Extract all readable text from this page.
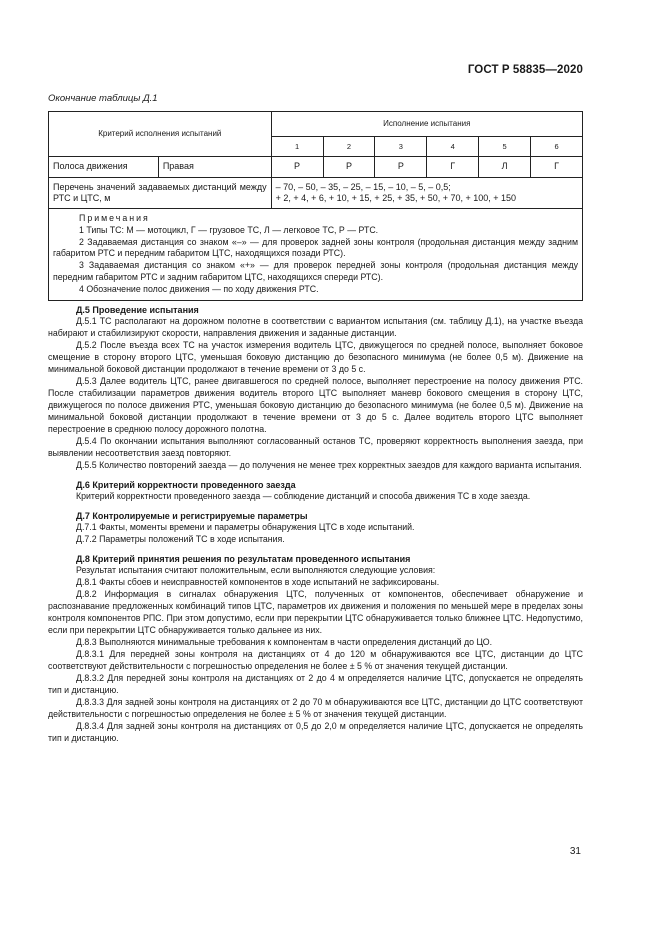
ГОСТ Р 58835—2020
Окончание таблицы Д.1
Критерий исполнения испытаний		Исполнение испытания					
		1	2	3	4	5	6
Полоса движения	Правая	Р	Р	Р	Г	Л	Г
Перечень значений задаваемых дистанций между РТС и ЦТС, м		– 70, – 50, – 35, – 25, – 15, – 10, – 5, – 0,5;
+ 2, + 4, + 6, + 10, + 15, + 25, + 35, + 50, + 70, + 100, + 150					

Примечания

1 Типы ТС: М — мотоцикл, Г — грузовое ТС, Л — легковое ТС, Р — РТС.

2 Задаваемая дистанция со знаком «–» — для проверок задней зоны контроля (продольная дистанция между задним габаритом РТС и передним габаритом ЦТС, находящихся позади РТС).

3 Задаваемая дистанция со знаком «+» — для проверок передней зоны контроля (продольная дистанция между передним габаритом РТС и задним габаритом ЦТС, находящихся спереди РТС).

4 Обозначение полос движения — по ходу движения РТС.							

Д.5 Проведение испытания

Д.5.1 ТС располагают на дорожном полотне в соответствии с вариантом испытания (см. таблицу Д.1), на участке въезда набирают и стабилизируют скорости, направления движения и заданные дистанции.

Д.5.2 После въезда всех ТС на участок измерения водитель ЦТС, движущегося по средней полосе, выполняет боковое смещение в сторону второго ЦТС, уменьшая боковую дистанцию до безопасного минимума (не более 0,5 м). Движение на минимальной боковой дистанции продолжают в течение времени от 3 до 5 с.

Д.5.3 Далее водитель ЦТС, ранее двигавшегося по средней полосе, выполняет перестроение на полосу движения РТС. После стабилизации параметров движения водитель второго ЦТС выполняет маневр бокового смещения в сторону ЦТС, движущегося по полосе движения РТС, уменьшая боковую дистанцию до безопасного минимума (не более 0,5 м). Движение на минимальной боковой дистанции продолжают в течение времени от 3 до 5 с. Далее водитель второго ЦТС выполняет перестроение в среднюю полосу дорожного полотна.

Д.5.4 По окончании испытания выполняют согласованный останов ТС, проверяют корректность выполнения заезда, при выявлении несоответствия заезд повторяют.

Д.5.5 Количество повторений заезда — до получения не менее трех корректных заездов для каждого варианта испытания.

Д.6 Критерий корректности проведенного заезда

Критерий корректности проведенного заезда — соблюдение дистанций и способа движения ТС в ходе заезда.

Д.7 Контролируемые и регистрируемые параметры

Д.7.1 Факты, моменты времени и параметры обнаружения ЦТС в ходе испытаний.

Д.7.2 Параметры положений ТС в ходе испытания.

Д.8 Критерий принятия решения по результатам проведенного испытания

Результат испытания считают положительным, если выполняются следующие условия:

Д.8.1 Факты сбоев и неисправностей компонентов в ходе испытаний не зафиксированы.

Д.8.2 Информация в сигналах обнаружения ЦТС, полученных от компонентов, обеспечивает обнаружение и распознавание предложенных комбинаций типов ЦТС, параметров их движения и положения по меньшей мере в пределах зоны контроля компонентов РПС. При этом допустимо, если при перекрытии ЦТС обнаруживается только ближнее ЦТС. Недопустимо, если при перекрытии ЦТС обнаруживается только дальнее из них.

Д.8.3 Выполняются минимальные требования к компонентам в части определения дистанций до ЦО.

Д.8.3.1 Для передней зоны контроля на дистанциях от 4 до 120 м обнаруживаются все ЦТС, дистанции до ЦТС соответствуют действительности с погрешностью определения не более ± 5 % от значения текущей дистанции.

Д.8.3.2 Для передней зоны контроля на дистанциях от 2 до 4 м определяется наличие ЦТС, допускается не определять тип и дистанцию.

Д.8.3.3 Для задней зоны контроля на дистанциях от 2 до 70 м обнаруживаются все ЦТС, дистанции до ЦТС соответствуют действительности с погрешностью определения не более ± 5 % от значения текущей дистанции.

Д.8.3.4 Для задней зоны контроля на дистанциях от 0,5 до 2,0 м определяется наличие ЦТС, допускается не определять тип и дистанцию.

31
